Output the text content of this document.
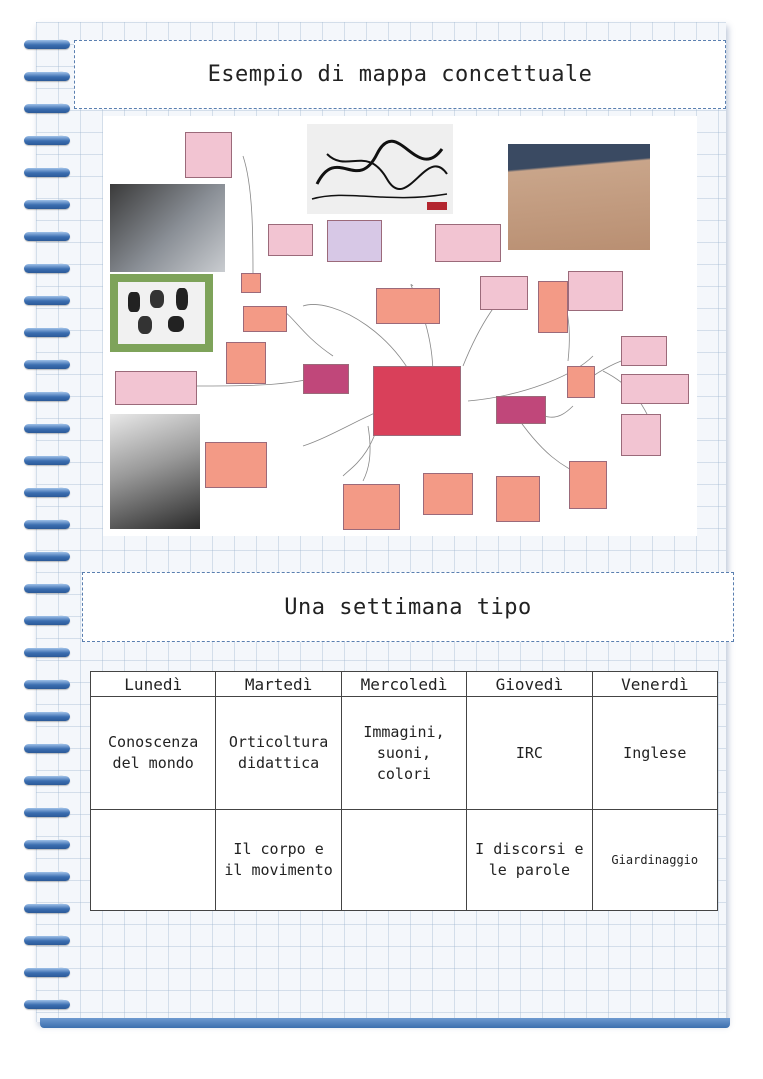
Esempio di mappa concettuale
Una settimana tipo
Lunedì	Martedì	Mercoledì	Giovedì	Venerdì
Conoscenza del mondo	Orticoltura didattica	Immagini, suoni, colori	IRC	Inglese
	Il corpo e il movimento		I discorsi e le parole	Giardinaggio
